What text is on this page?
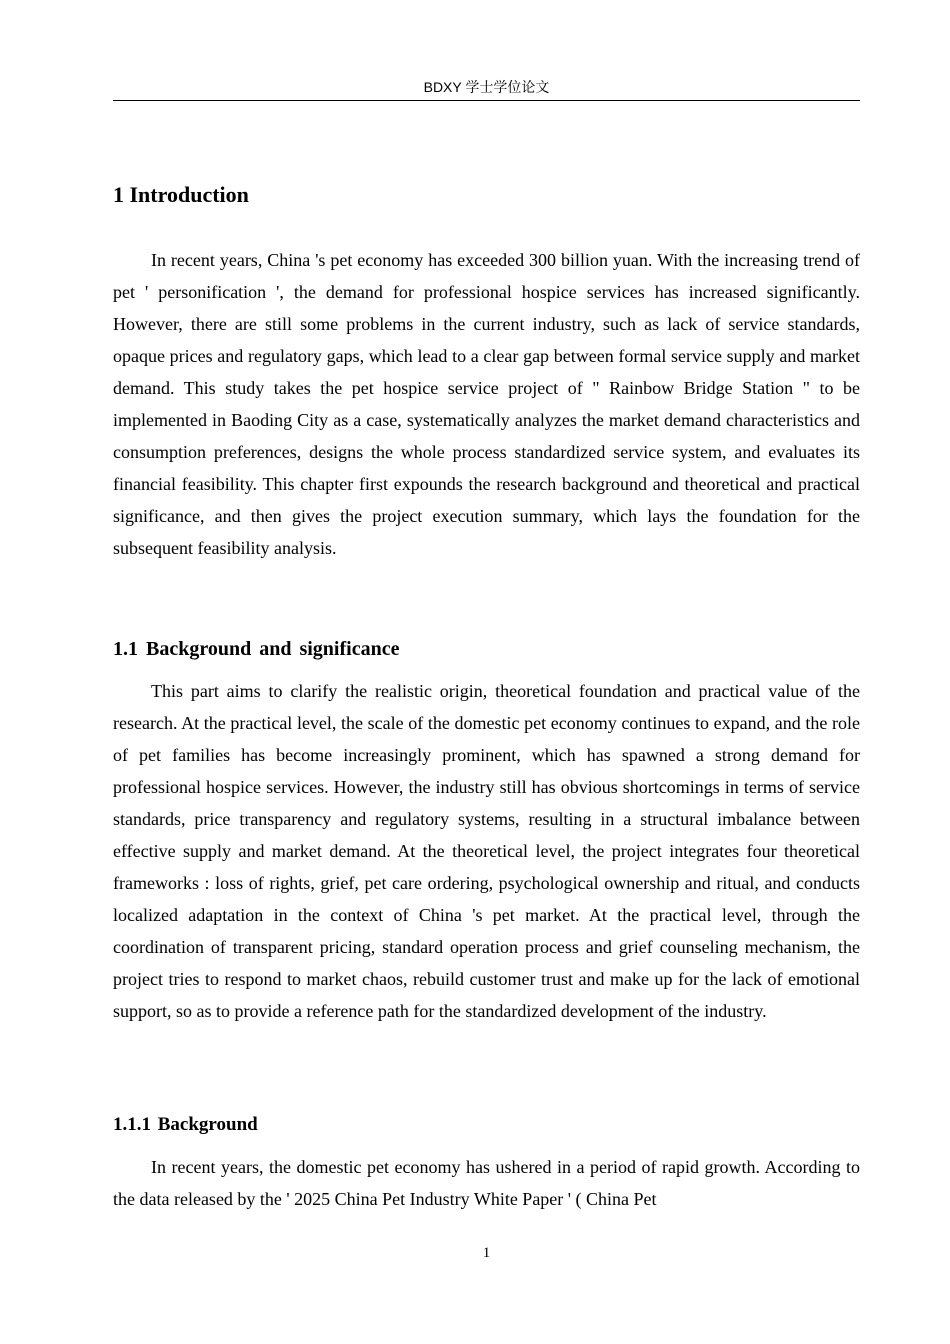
BDXY 学士学位论文
1 Introduction

In recent years, China 's pet economy has exceeded 300 billion yuan. With the increasing trend of pet ' personification ', the demand for professional hospice services has increased significantly. However, there are still some problems in the current industry, such as lack of service standards, opaque prices and regulatory gaps, which lead to a clear gap between formal service supply and market demand. This study takes the pet hospice service project of " Rainbow Bridge Station " to be implemented in Baoding City as a case, systematically analyzes the market demand characteristics and consumption preferences, designs the whole process standardized service system, and evaluates its financial feasibility. This chapter first expounds the research background and theoretical and practical significance, and then gives the project execution summary, which lays the foundation for the subsequent feasibility analysis.

1.1 Background and significance

This part aims to clarify the realistic origin, theoretical foundation and practical value of the research. At the practical level, the scale of the domestic pet economy continues to expand, and the role of pet families has become increasingly prominent, which has spawned a strong demand for professional hospice services. However, the industry still has obvious shortcomings in terms of service standards, price transparency and regulatory systems, resulting in a structural imbalance between effective supply and market demand. At the theoretical level, the project integrates four theoretical frameworks : loss of rights, grief, pet care ordering, psychological ownership and ritual, and conducts localized adaptation in the context of China 's pet market. At the practical level, through the coordination of transparent pricing, standard operation process and grief counseling mechanism, the project tries to respond to market chaos, rebuild customer trust and make up for the lack of emotional support, so as to provide a reference path for the standardized development of the industry.

1.1.1 Background

In recent years, the domestic pet economy has ushered in a period of rapid growth. According to the data released by the ' 2025 China Pet Industry White Paper ' ( China Pet

1
